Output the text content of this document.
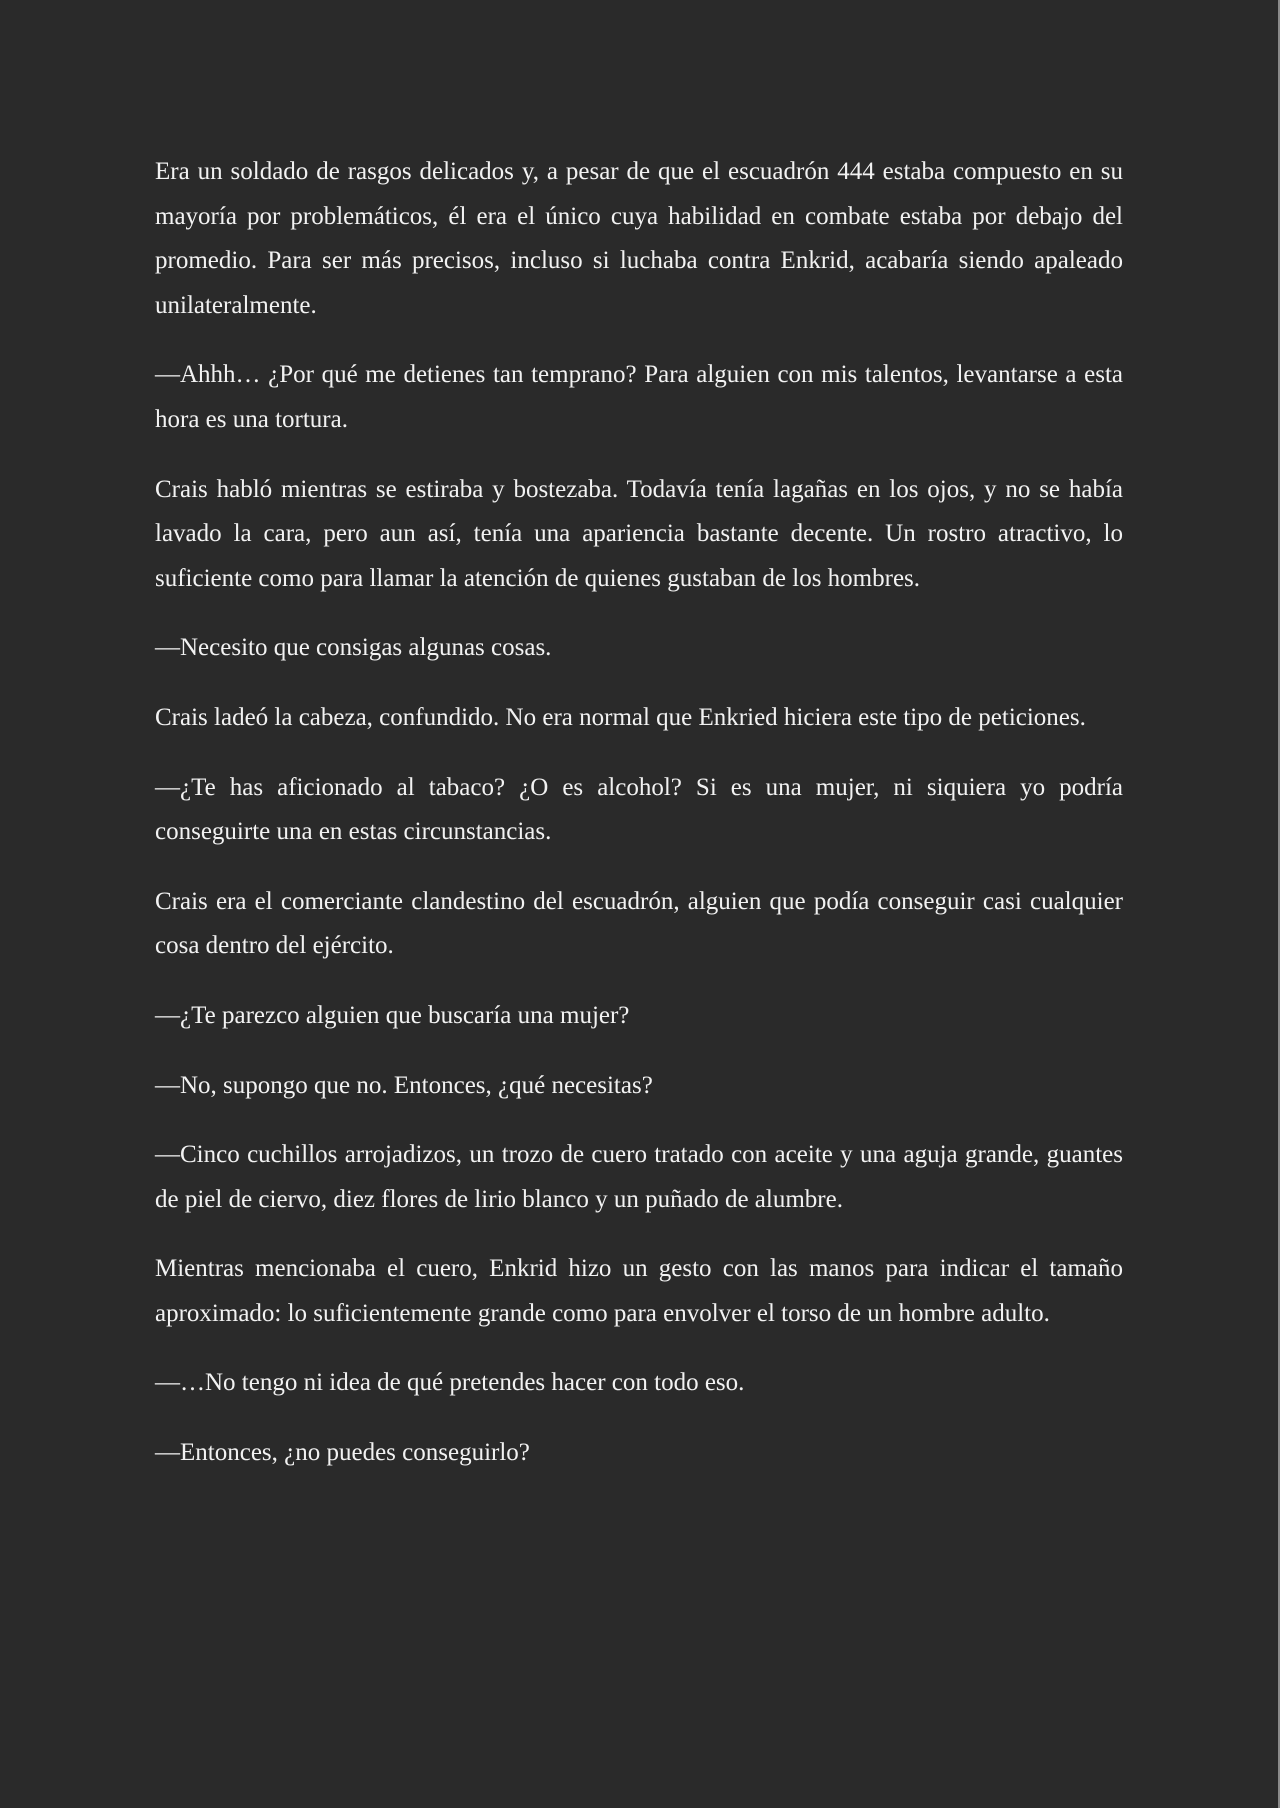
Era un soldado de rasgos delicados y, a pesar de que el escuadrón 444 estaba compuesto en su mayoría por problemáticos, él era el único cuya habilidad en combate estaba por debajo del promedio. Para ser más precisos, incluso si luchaba contra Enkrid, acabaría siendo apaleado unilateralmente.

—Ahhh… ¿Por qué me detienes tan temprano? Para alguien con mis talentos, levantarse a esta hora es una tortura.

Crais habló mientras se estiraba y bostezaba. Todavía tenía lagañas en los ojos, y no se había lavado la cara, pero aun así, tenía una apariencia bastante decente. Un rostro atractivo, lo suficiente como para llamar la atención de quienes gustaban de los hombres.

—Necesito que consigas algunas cosas.

Crais ladeó la cabeza, confundido. No era normal que Enkried hiciera este tipo de peticiones.

—¿Te has aficionado al tabaco? ¿O es alcohol? Si es una mujer, ni siquiera yo podría conseguirte una en estas circunstancias.

Crais era el comerciante clandestino del escuadrón, alguien que podía conseguir casi cualquier cosa dentro del ejército.

—¿Te parezco alguien que buscaría una mujer?

—No, supongo que no. Entonces, ¿qué necesitas?

—Cinco cuchillos arrojadizos, un trozo de cuero tratado con aceite y una aguja grande, guantes de piel de ciervo, diez flores de lirio blanco y un puñado de alumbre.

Mientras mencionaba el cuero, Enkrid hizo un gesto con las manos para indicar el tamaño aproximado: lo suficientemente grande como para envolver el torso de un hombre adulto.

—…No tengo ni idea de qué pretendes hacer con todo eso.

—Entonces, ¿no puedes conseguirlo?
